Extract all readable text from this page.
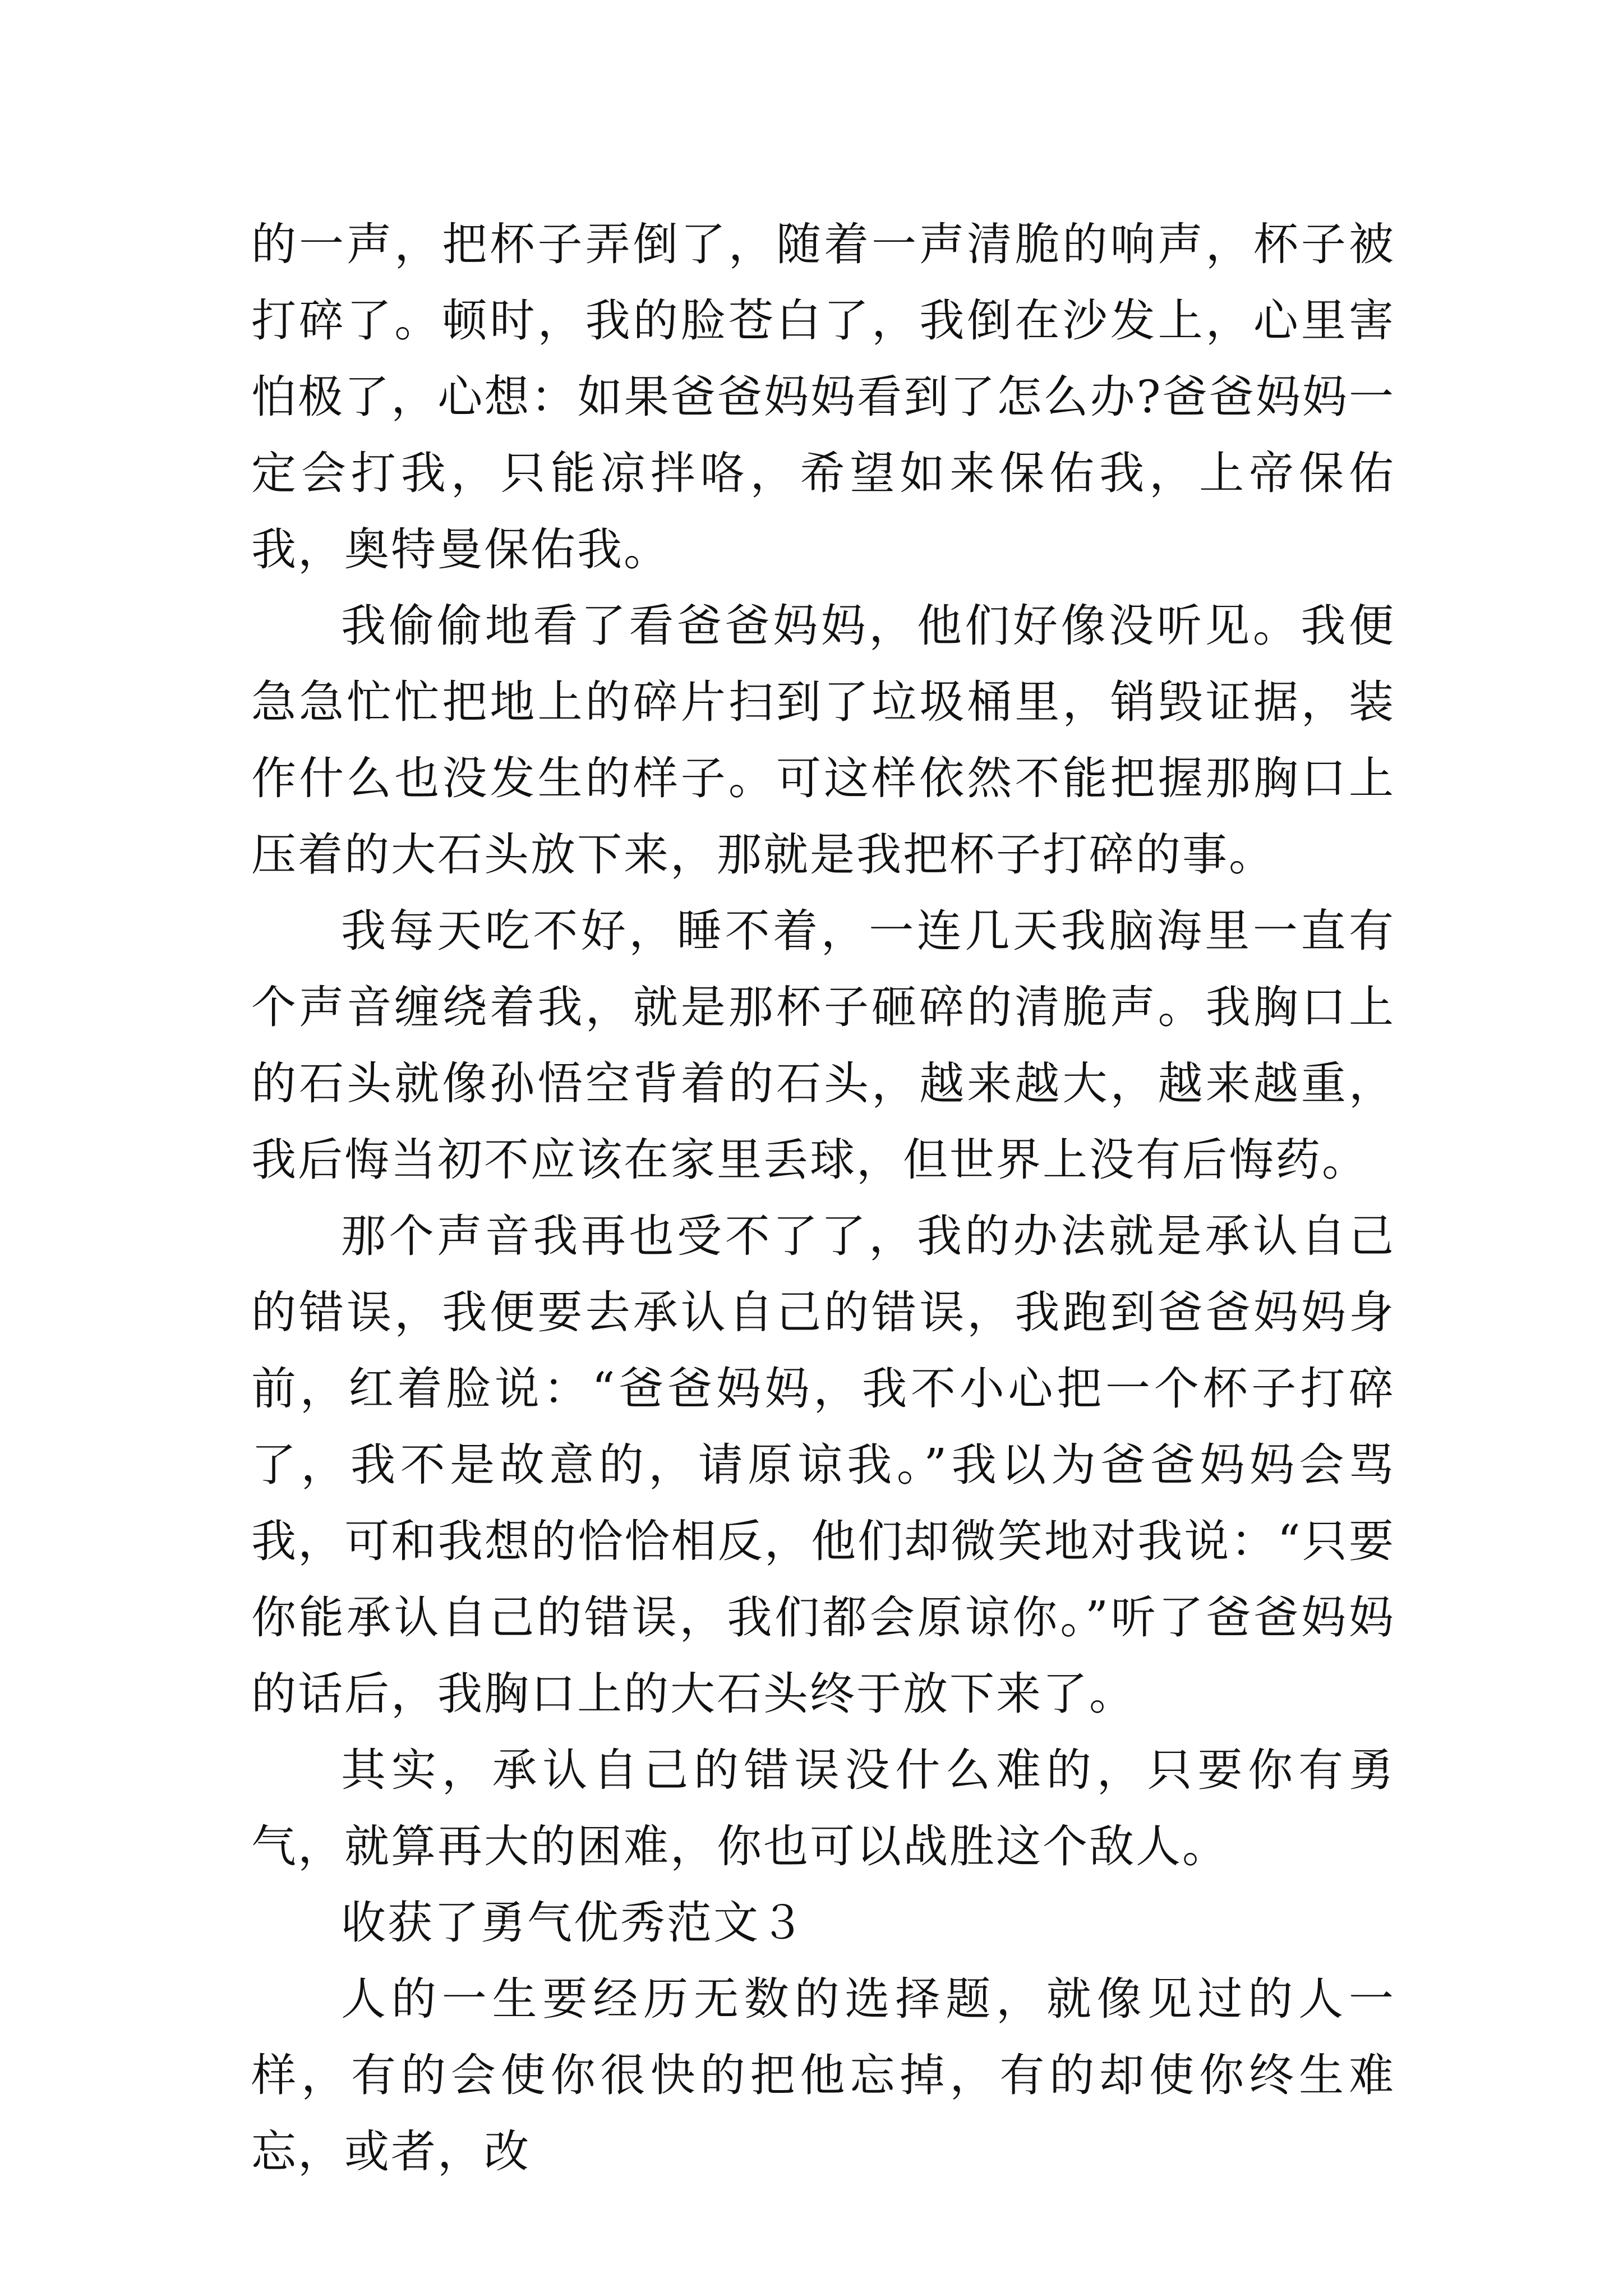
的一声，把杯子弄倒了，随着一声清脆的响声，杯子被打碎了。顿时，我的脸苍白了，我倒在沙发上，心里害怕极了，心想：如果爸爸妈妈看到了怎么办?爸爸妈妈一定会打我，只能凉拌咯，希望如来保佑我，上帝保佑我，奥特曼保佑我。

我偷偷地看了看爸爸妈妈，他们好像没听见。我便急急忙忙把地上的碎片扫到了垃圾桶里，销毁证据，装作什么也没发生的样子。可这样依然不能把握那胸口上压着的大石头放下来，那就是我把杯子打碎的事。

我每天吃不好，睡不着，一连几天我脑海里一直有个声音缠绕着我，就是那杯子砸碎的清脆声。我胸口上的石头就像孙悟空背着的石头，越来越大，越来越重，我后悔当初不应该在家里丢球，但世界上没有后悔药。

那个声音我再也受不了了，我的办法就是承认自己的错误，我便要去承认自己的错误，我跑到爸爸妈妈身前，红着脸说：“爸爸妈妈，我不小心把一个杯子打碎了，我不是故意的，请原谅我。”我以为爸爸妈妈会骂我，可和我想的恰恰相反，他们却微笑地对我说：“只要你能承认自己的错误，我们都会原谅你。”听了爸爸妈妈的话后，我胸口上的大石头终于放下来了。

其实，承认自己的错误没什么难的，只要你有勇气，就算再大的困难，你也可以战胜这个敌人。

收获了勇气优秀范文３

人的一生要经历无数的选择题，就像见过的人一样，有的会使你很快的把他忘掉，有的却使你终生难忘，或者，改
